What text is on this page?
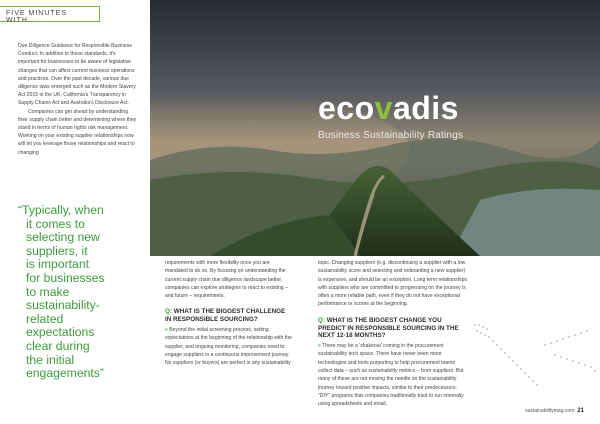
FIVE MINUTES WITH...

Due Diligence Guidance for Responsible Business Conduct. In addition to these standards, it's important for businesses to be aware of legislative changes that can affect current business operations and practices. Over the past decade, various due diligence laws emerged such as the Modern Slavery Act 2015 in the UK, California's Transparency in Supply Chains Act and Australia's Disclosure Act.

Companies can get ahead by understanding their supply chain better and determining where they stand in terms of human rights risk management. Working on your existing supplier relationships now will let you leverage those relationships and react to changing

“Typically, when
it comes to
selecting new
suppliers, it
is important
for businesses
to make
sustainability-
related
expectations
clear during
the initial
engagements”
ecovadis
Business Sustainability Ratings

requirements with more flexibility once you are mandated to do so. By focusing on understanding the current supply chain due diligence landscape better, companies can explore strategies to react to existing – and future – requirements.

Q: WHAT IS THE BIGGEST CHALLENGE IN RESPONSIBLE SOURCING?

» Beyond the initial screening process, setting expectations at the beginning of the relationship with the supplier, and ongoing monitoring, companies need to engage suppliers in a continuous improvement journey. No suppliers (or buyers) are perfect in any sustainability

topic. Changing suppliers (e.g. discontinuing a supplier with a low sustainability score and selecting and onboarding a new supplier) is expensive, and should be an exception. Long term relationships with suppliers who are committed to progressing on the journey is often a more reliable path, even if they do not have exceptional performance or scores at the beginning.

Q: WHAT IS THE BIGGEST CHANGE YOU PREDICT IN RESPONSIBLE SOURCING IN THE NEXT 12-18 MONTHS?

» There may be a 'shakeout' coming in the procurement sustainability tech space. There have never been more technologies and tools purporting to help procurement teams collect data – such as sustainability metrics – from suppliers. But many of these are not moving the needle on the sustainability journey toward positive impacts, similar to their predecessors: "DIY" programs that companies traditionally tried to run internally using spreadsheets and email.

sustainabilitymag.com 21
